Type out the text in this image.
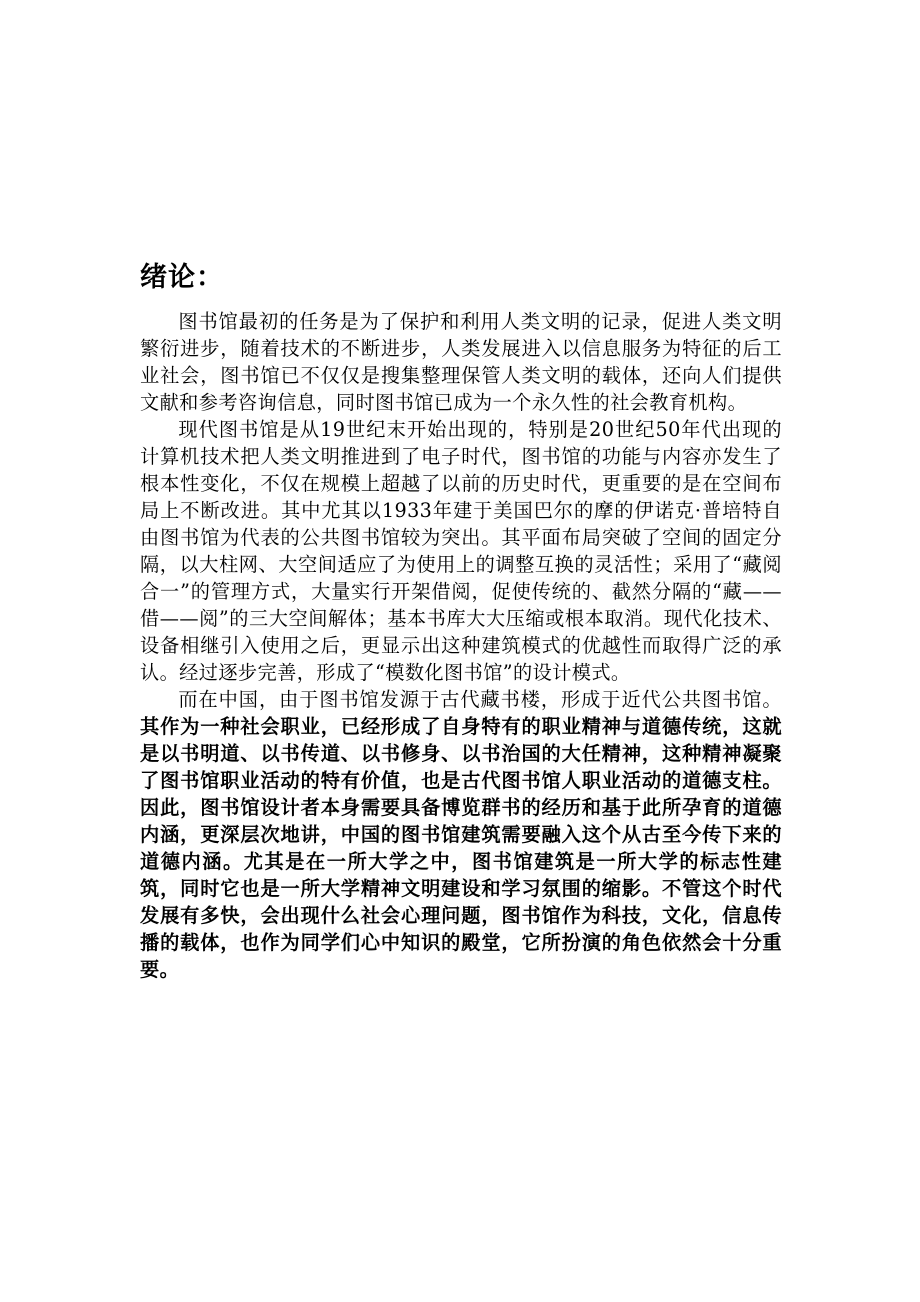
绪论：

图书馆最初的任务是为了保护和利用人类文明的记录，促进人类文明繁衍进步，随着技术的不断进步，人类发展进入以信息服务为特征的后工业社会，图书馆已不仅仅是搜集整理保管人类文明的载体，还向人们提供文献和参考咨询信息，同时图书馆已成为一个永久性的社会教育机构。

现代图书馆是从19世纪末开始出现的，特别是20世纪50年代出现的计算机技术把人类文明推进到了电子时代，图书馆的功能与内容亦发生了根本性变化，不仅在规模上超越了以前的历史时代，更重要的是在空间布局上不断改进。其中尤其以1933年建于美国巴尔的摩的伊诺克·普培特自由图书馆为代表的公共图书馆较为突出。其平面布局突破了空间的固定分隔，以大柱网、大空间适应了为使用上的调整互换的灵活性；采用了“藏阅合一”的管理方式，大量实行开架借阅，促使传统的、截然分隔的“藏——借——阅”的三大空间解体；基本书库大大压缩或根本取消。现代化技术、设备相继引入使用之后，更显示出这种建筑模式的优越性而取得广泛的承认。经过逐步完善，形成了“模数化图书馆”的设计模式。

而在中国，由于图书馆发源于古代藏书楼，形成于近代公共图书馆。其作为一种社会职业，已经形成了自身特有的职业精神与道德传统，这就是以书明道、以书传道、以书修身、以书治国的大任精神，这种精神凝聚了图书馆职业活动的特有价值，也是古代图书馆人职业活动的道德支柱。因此，图书馆设计者本身需要具备博览群书的经历和基于此所孕育的道德内涵，更深层次地讲，中国的图书馆建筑需要融入这个从古至今传下来的道德内涵。尤其是在一所大学之中，图书馆建筑是一所大学的标志性建筑，同时它也是一所大学精神文明建设和学习氛围的缩影。不管这个时代发展有多快，会出现什么社会心理问题，图书馆作为科技，文化，信息传播的载体，也作为同学们心中知识的殿堂，它所扮演的角色依然会十分重要。
